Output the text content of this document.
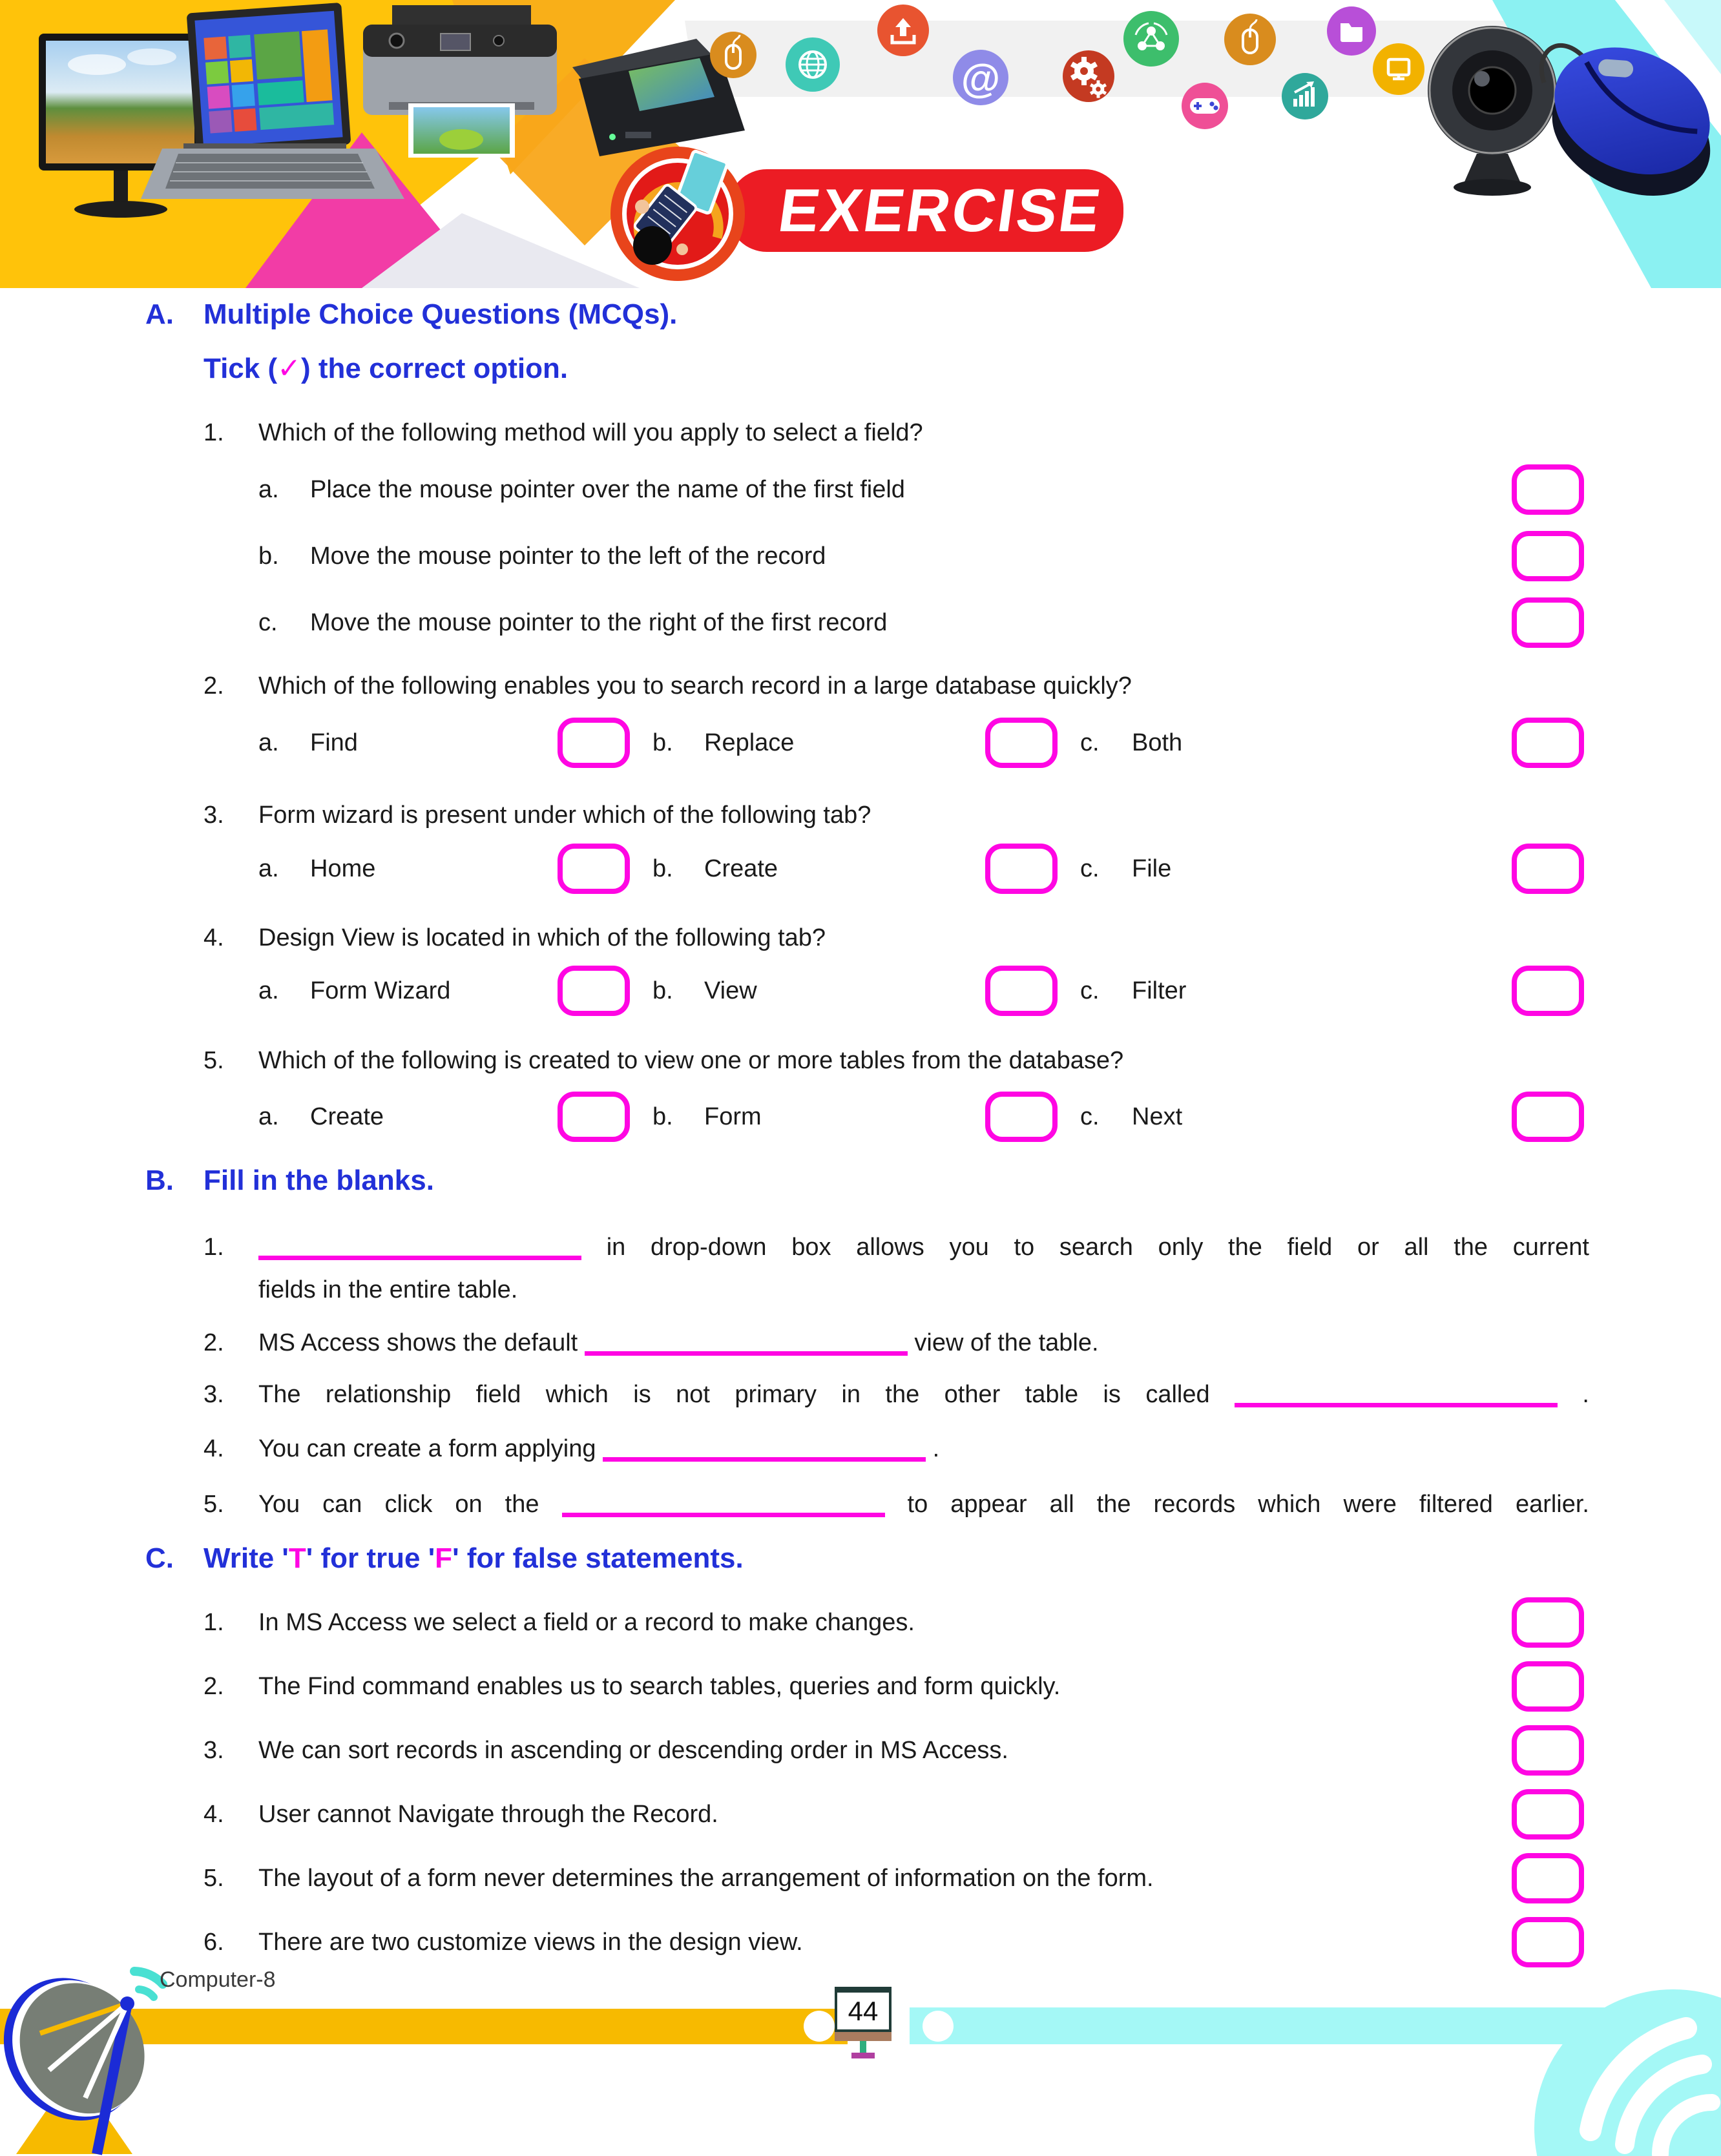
@
EXERCISE
A. Multiple Choice Questions (MCQs).
Tick (✓) the correct option.
1. Which of the following method will you apply to select a field?
a. Place the mouse pointer over the name of the first field
b. Move the mouse pointer to the left of the record
c. Move the mouse pointer to the right of the first record
2. Which of the following enables you to search record in a large database quickly?
a. Find	b. Replace	c. Both
3. Form wizard is present under which of the following tab?
a. Home	b. Create	c. File
4. Design View is located in which of the following tab?
a. Form Wizard	b. View	c. Filter
5. Which of the following is created to view one or more tables from the database?
a. Create	b. Form	c. Next
B. Fill in the blanks.
1.	in drop-down box allows you to search only the field or all the current
fields in the entire table.
2. MS Access shows the default	view of the table.
3. The relationship field which is not primary in the other table is called	.
4. You can create a form applying	.
5. You can click on the	to appear all the records which were filtered earlier.
C. Write 'T' for true 'F' for false statements.
1. In MS Access we select a field or a record to make changes.
2. The Find command enables us to search tables, queries and form quickly.
3. We can sort records in ascending or descending order in MS Access.
4. User cannot Navigate through the Record.
5. The layout of a form never determines the arrangement of information on the form.
6. There are two customize views in the design view.
Computer-8
44
